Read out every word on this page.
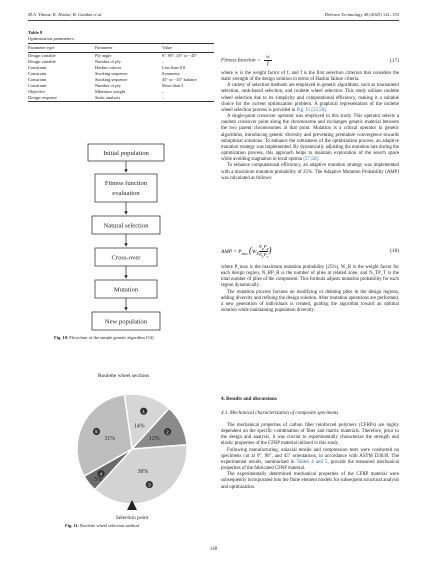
M.A. Yılmaz, K. Hasini, B. Gündüz et al.	Defence Technology 48 (2025) 141–155
Table 8
Optimization parameters.
Parameter type	Parameter	Value
Design variable	Ply angle	0°, 90°, 45° or −45°
Design variable	Number of ply	–
Constraint	Hashin criteria	Less than 0.8
Constraint	Stacking sequence	Symmetry
Constraint	Stacking sequence	45° or −45° balance
Constraint	Number of ply	More than 3
Objective	Minimize weight	–
Design response	Static analysis	–
Initial population
Fitness function
evaluation
Natural selection
Cross-over
Mutation
New population
Fig. 10. Flowchart of the simple genetic algorithm [54].
Roulette wheel sections
1
14%
2
12%
3
38%
4
5%
5
31%
Selection point
Fig. 11. Roulette wheel selection method.
Fitness function = $\frac{w}{f}$	(17)

where w is the weight factor of f, and f is the first selection criterion that considers the static strength of the design solution in terms of Hashin failure criteria.

A variety of selection methods are employed in genetic algorithms, such as tournament selection, rank-based selection, and roulette wheel selection. This study utilizes roulette wheel selection due to its simplicity and computational efficiency, making it a suitable choice for the current optimization problem. A graphical representation of the roulette wheel selection process is provided in Fig. 11 [55,56].

A single-point crossover operator was employed in this study. This operator selects a random crossover point along the chromosome and exchanges genetic material between the two parent chromosomes at that point. Mutation is a critical operator in genetic algorithms, introducing genetic diversity and preventing premature convergence towards suboptimal solutions. To enhance the robustness of the optimization process, an adaptive mutation strategy was implemented. By dynamically adjusting the mutation rate during the optimization process, this approach helps to maintain exploration of the search space while avoiding stagnation in local optima [57,58].

To enhance computational efficiency, an adaptive mutation strategy was implemented with a maximum mutation probability of 25%. The Adaptive Mutation Probability (AMP) was calculated as follows:

AMP = $P_{max}$ ($W_R$
$N_RP_R$
$N_TP_T$
)	(18)

where P_max is the maximum mutation probability (25%), W_R is the weight factor for each design region, N_RP_R is the number of plies at related zone, and N_TP_T is the total number of plies of the component. This formula adjusts mutation probability for each region dynamically.

The mutation process focuses on modifying or deleting plies in the design regions, adding diversity and refining the design solution. After mutation operations are performed, a new generation of individuals is created, guiding the algorithm toward an optimal solution while maintaining population diversity.

4. Results and discussions
4.1. Mechanical characterization of composite specimens

The mechanical properties of carbon fiber reinforced polymers (CFRPs) are highly dependent on the specific combination of fiber and matrix materials. Therefore, prior to the design and analysis, it was crucial to experimentally characterize the strength and elastic properties of the CFRP material utilized in this study.

Following manufacturing, uniaxial tensile and compression tests were conducted on specimens cut at 0°, 90°, and 45° orientations, in accordance with ASTM D3039. The experimental results, summarized in Tables 4 and 5, provide the measured mechanical properties of the fabricated CFRP material.

The experimentally determined mechanical properties of the CFRP material were subsequently incorporated into the finite element models for subsequent structural analysis and optimization.

148
